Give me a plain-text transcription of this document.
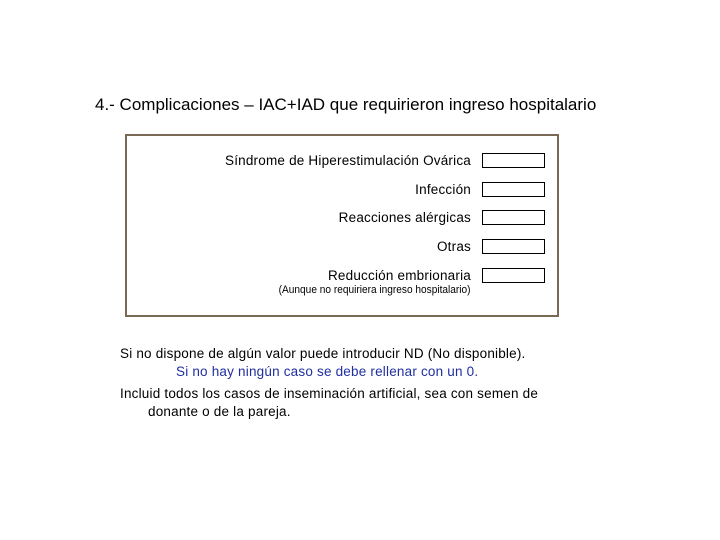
4.- Complicaciones – IAC+IAD que requirieron ingreso hospitalario
Síndrome de Hiperestimulación Ovárica
Infección
Reacciones alérgicas
Otras
Reducción embrionaria
(Aunque no requiriera ingreso hospitalario)
Si no dispone de algún valor puede introducir ND (No disponible).
Si no hay ningún caso se debe rellenar con un 0.
Incluid todos los casos de inseminación artificial, sea con semen de donante o de la pareja.
